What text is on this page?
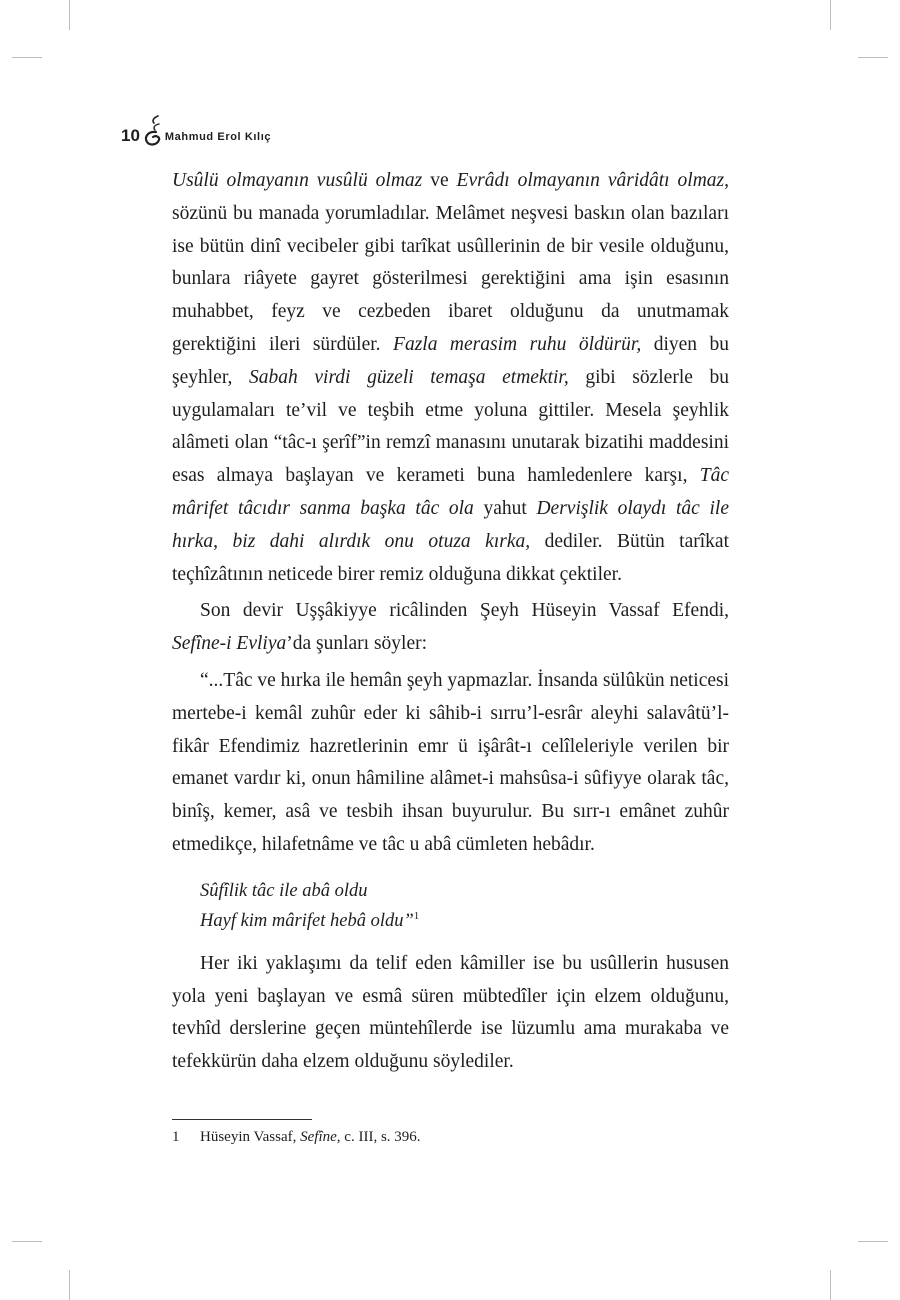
10 Mahmud Erol Kılıç

Usûlü olmayanın vusûlü olmaz ve Evrâdı olmayanın vâridâtı olmaz, sözünü bu manada yorumladılar. Melâmet neşvesi baskın olan bazıları ise bütün dinî vecibeler gibi tarîkat usûllerinin de bir vesile olduğunu, bunlara riâyete gayret gösterilmesi gerektiğini ama işin esasının muhabbet, feyz ve cezbeden ibaret olduğunu da unutmamak gerektiğini ileri sürdüler. Fazla merasim ruhu öldürür, diyen bu şeyhler, Sabah virdi güzeli temaşa etmektir, gibi sözlerle bu uygulamaları te’vil ve teşbih etme yoluna gittiler. Mesela şeyhlik alâmeti olan “tâc-ı şerîf”in remzî manasını unutarak bizatihi maddesini esas almaya başlayan ve kerameti buna hamledenlere karşı, Tâc mârifet tâcıdır sanma başka tâc ola yahut Dervişlik olaydı tâc ile hırka, biz dahi alırdık onu otuza kırka, dediler. Bütün tarîkat teçhîzâtının neticede birer remiz olduğuna dikkat çektiler.

Son devir Uşşâkiyye ricâlinden Şeyh Hüseyin Vassaf Efendi, Sefîne-i Evliya’da şunları söyler:

“...Tâc ve hırka ile hemân şeyh yapmazlar. İnsanda sülûkün neticesi mertebe-i kemâl zuhûr eder ki sâhib-i sırru’l-esrâr aleyhi salavâtü’l-fikâr Efendimiz hazretlerinin emr ü işârât-ı celîleleriyle verilen bir emanet vardır ki, onun hâmiline alâmet-i mahsûsa-i sûfiyye olarak tâc, binîş, kemer, asâ ve tesbih ihsan buyurulur. Bu sırr-ı emânet zuhûr etmedikçe, hilafetnâme ve tâc u abâ cümleten hebâdır.

Sûfîlik tâc ile abâ oldu

Hayf kim mârifet hebâ oldu”$^1$

Her iki yaklaşımı da telif eden kâmiller ise bu usûllerin hususen yola yeni başlayan ve esmâ süren mübtedîler için elzem olduğunu, tevhîd derslerine geçen müntehîlerde ise lüzumlu ama murakaba ve tefekkürün daha elzem olduğunu söylediler.

1	Hüseyin Vassaf, Sefîne, c. III, s. 396.
